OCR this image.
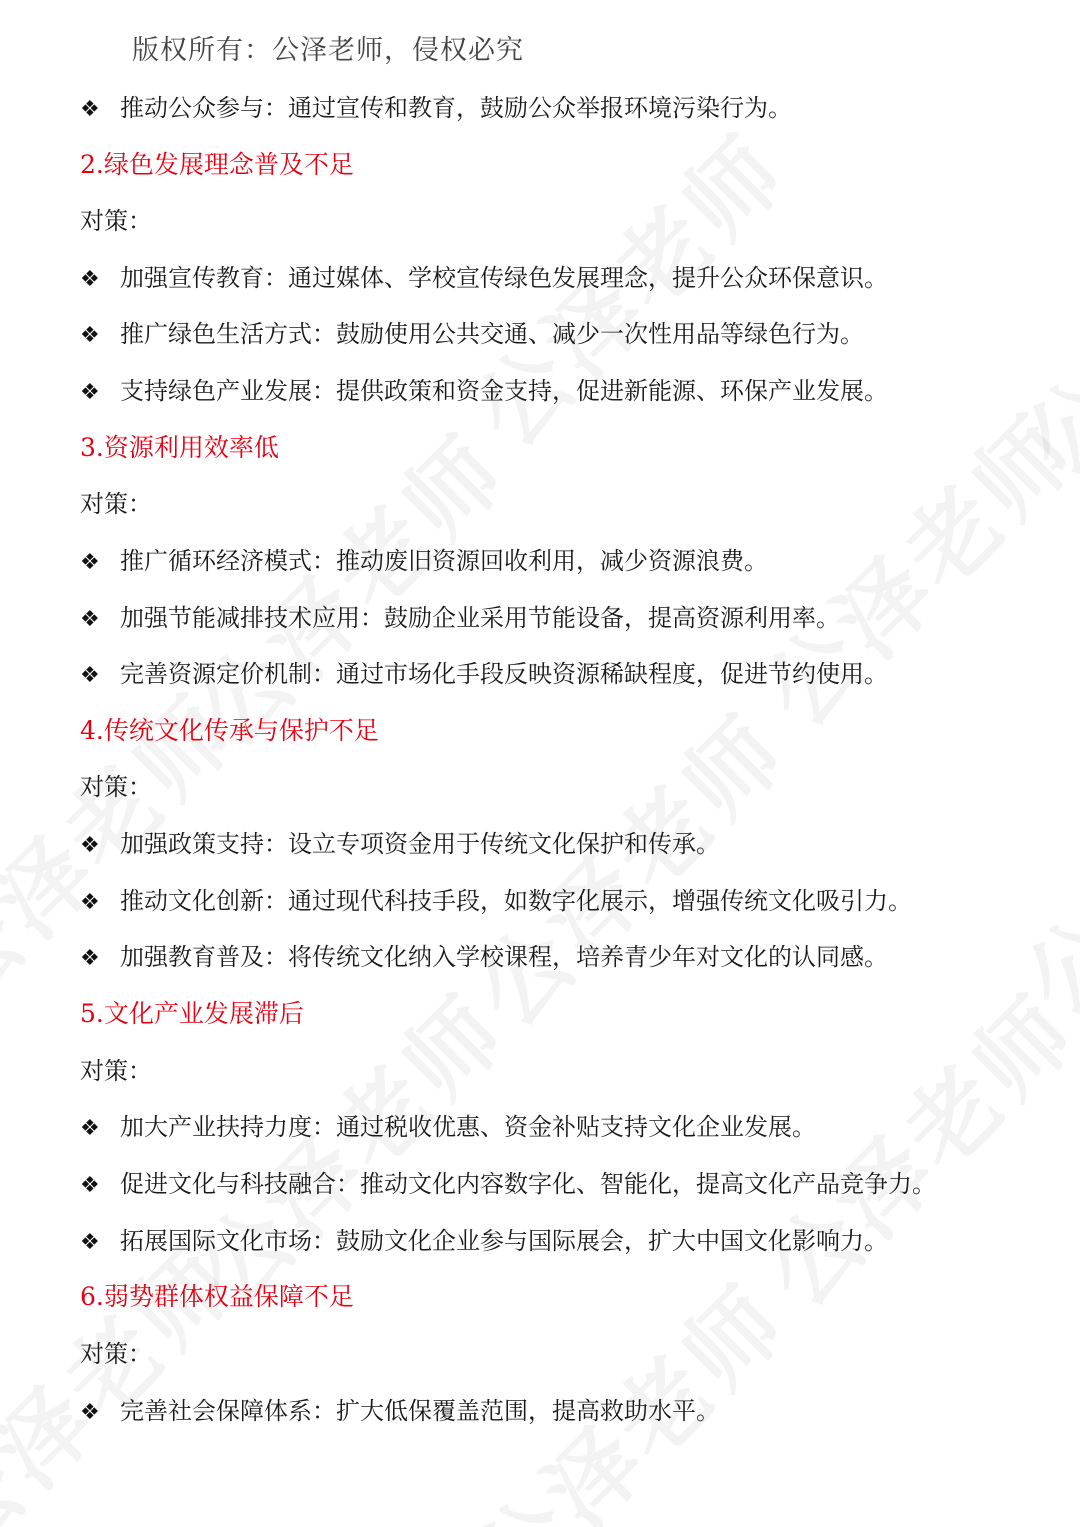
版权所有：公泽老师，侵权必究
❖ 推动公众参与：通过宣传和教育，鼓励公众举报环境污染行为。
2.绿色发展理念普及不足
对策：
❖ 加强宣传教育：通过媒体、学校宣传绿色发展理念，提升公众环保意识。
❖ 推广绿色生活方式：鼓励使用公共交通、减少一次性用品等绿色行为。
❖ 支持绿色产业发展：提供政策和资金支持，促进新能源、环保产业发展。
3.资源利用效率低
对策：
❖ 推广循环经济模式：推动废旧资源回收利用，减少资源浪费。
❖ 加强节能减排技术应用：鼓励企业采用节能设备，提高资源利用率。
❖ 完善资源定价机制：通过市场化手段反映资源稀缺程度，促进节约使用。
4.传统文化传承与保护不足
对策：
❖ 加强政策支持：设立专项资金用于传统文化保护和传承。
❖ 推动文化创新：通过现代科技手段，如数字化展示，增强传统文化吸引力。
❖ 加强教育普及：将传统文化纳入学校课程，培养青少年对文化的认同感。
5.文化产业发展滞后
对策：
❖ 加大产业扶持力度：通过税收优惠、资金补贴支持文化企业发展。
❖ 促进文化与科技融合：推动文化内容数字化、智能化，提高文化产品竞争力。
❖ 拓展国际文化市场：鼓励文化企业参与国际展会，扩大中国文化影响力。
6.弱势群体权益保障不足
对策：
❖ 完善社会保障体系：扩大低保覆盖范围，提高救助水平。
